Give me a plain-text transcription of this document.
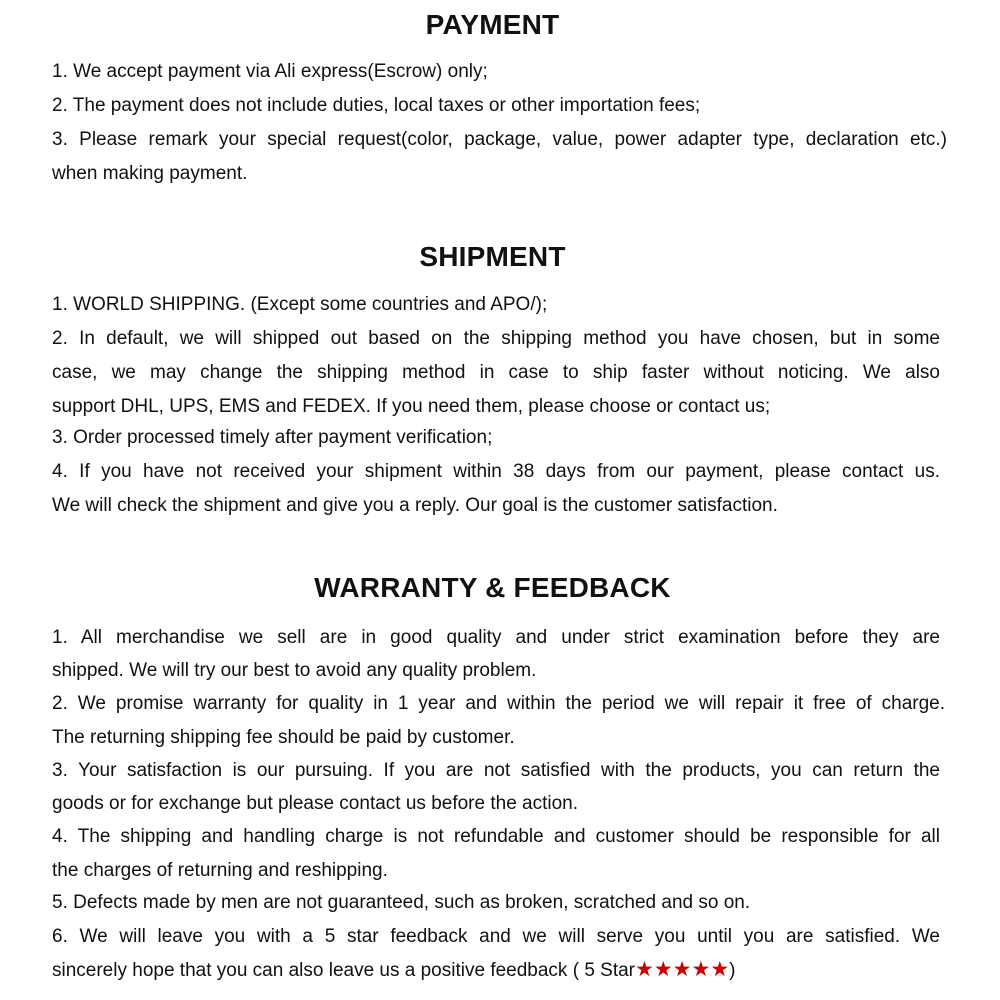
PAYMENT
1. We accept payment via Ali express(Escrow) only;
2. The payment does not include duties, local taxes or other importation fees;
3. Please remark your special request(color, package, value, power adapter type, declaration etc.)
when making payment.
SHIPMENT
1. WORLD SHIPPING. (Except some countries and APO/);
2. In default, we will shipped out based on the shipping method you have chosen, but in some
case, we may change the shipping method in case to ship faster without noticing. We also
support DHL, UPS, EMS and FEDEX. If you need them, please choose or contact us;
3. Order processed timely after payment verification;
4. If you have not received your shipment within 38 days from our payment, please contact us.
We will check the shipment and give you a reply. Our goal is the customer satisfaction.
WARRANTY & FEEDBACK
1. All merchandise we sell are in good quality and under strict examination before they are
shipped. We will try our best to avoid any quality problem.
2. We promise warranty for quality in 1 year and within the period we will repair it free of charge.
The returning shipping fee should be paid by customer.
3. Your satisfaction is our pursuing. If you are not satisfied with the products, you can return the
goods or for exchange but please contact us before the action.
4. The shipping and handling charge is not refundable and customer should be responsible for all
the charges of returning and reshipping.
5. Defects made by men are not guaranteed, such as broken, scratched and so on.
6. We will leave you with a 5 star feedback and we will serve you until you are satisfied. We
sincerely hope that you can also leave us a positive feedback ( 5 Star★★★★★)
